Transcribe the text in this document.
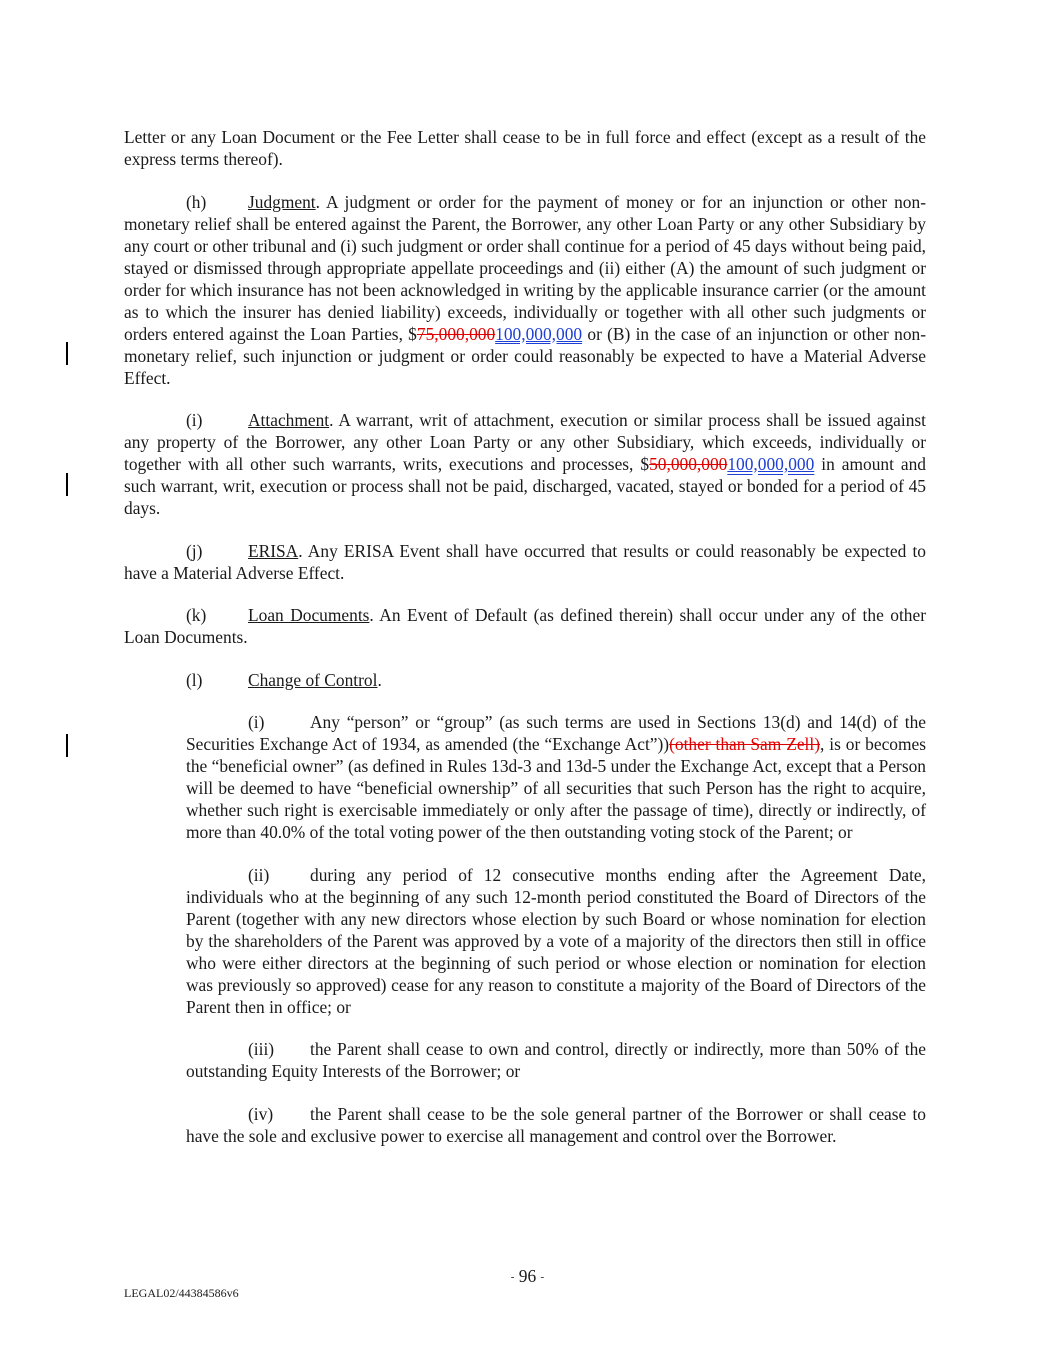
Letter or any Loan Document or the Fee Letter shall cease to be in full force and effect (except as a result of the express terms thereof).

(h) Judgment. A judgment or order for the payment of money or for an injunction or other non-monetary relief shall be entered against the Parent, the Borrower, any other Loan Party or any other Subsidiary by any court or other tribunal and (i) such judgment or order shall continue for a period of 45 days without being paid, stayed or dismissed through appropriate appellate proceedings and (ii) either (A) the amount of such judgment or order for which insurance has not been acknowledged in writing by the applicable insurance carrier (or the amount as to which the insurer has denied liability) exceeds, individually or together with all other such judgments or orders entered against the Loan Parties, $75,000,000100,000,000 or (B) in the case of an injunction or other non-monetary relief, such injunction or judgment or order could reasonably be expected to have a Material Adverse Effect.

(i)	Attachment. A warrant, writ of attachment, execution or similar process shall be issued against any property of the Borrower, any other Loan Party or any other Subsidiary, which exceeds, individually or together with all other such warrants, writs, executions and processes, $50,000,000100,000,000 in amount and such warrant, writ, execution or process shall not be paid, discharged, vacated, stayed or bonded for a period of 45 days.

(j)	ERISA. Any ERISA Event shall have occurred that results or could reasonably be expected to have a Material Adverse Effect.

(k) Loan Documents. An Event of Default (as defined therein) shall occur under any of the other Loan Documents.

(l)	Change of Control.

(i)	Any “person” or “group” (as such terms are used in Sections 13(d) and 14(d) of the Securities Exchange Act of 1934, as amended (the “Exchange Act”))(other than Sam Zell), is or becomes the “beneficial owner” (as defined in Rules 13d-3 and 13d-5 under the Exchange Act, except that a Person will be deemed to have “beneficial ownership” of all securities that such Person has the right to acquire, whether such right is exercisable immediately or only after the passage of time), directly or indirectly, of more than 40.0% of the total voting power of the then outstanding voting stock of the Parent; or

(ii) during any period of 12 consecutive months ending after the Agreement Date, individuals who at the beginning of any such 12-month period constituted the Board of Directors of the Parent (together with any new directors whose election by such Board or whose nomination for election by the shareholders of the Parent was approved by a vote of a majority of the directors then still in office who were either directors at the beginning of such period or whose election or nomination for election was previously so approved) cease for any reason to constitute a majority of the Board of Directors of the Parent then in office; or

(iii) the Parent shall cease to own and control, directly or indirectly, more than 50% of the outstanding Equity Interests of the Borrower; or

(iv) the Parent shall cease to be the sole general partner of the Borrower or shall cease to have the sole and exclusive power to exercise all management and control over the Borrower.

- 96 -
LEGAL02/44384586v6
